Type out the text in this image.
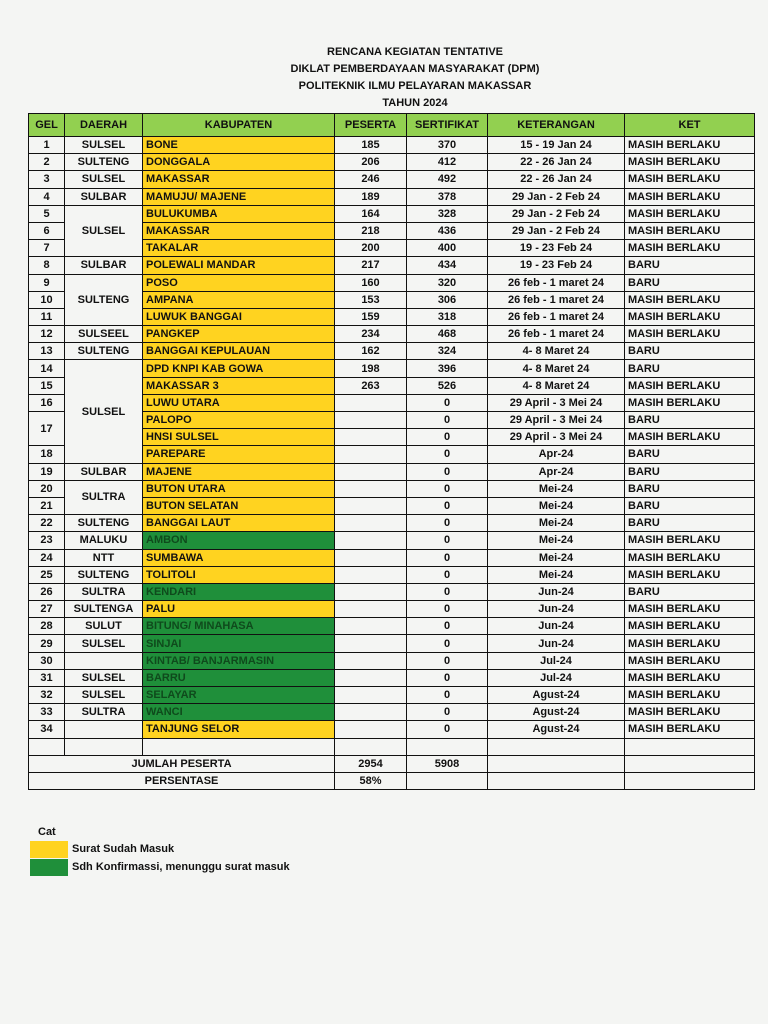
RENCANA KEGIATAN TENTATIVE
DIKLAT PEMBERDAYAAN MASYARAKAT (DPM)
POLITEKNIK ILMU PELAYARAN MAKASSAR
TAHUN 2024
GEL	DAERAH	KABUPATEN	PESERTA	SERTIFIKAT	KETERANGAN	KET
1	SULSEL	BONE	185	370	15 - 19 Jan 24	MASIH BERLAKU
2	SULTENG	DONGGALA	206	412	22 - 26 Jan 24	MASIH BERLAKU
3	SULSEL	MAKASSAR	246	492	22 - 26 Jan 24	MASIH BERLAKU
4	SULBAR	MAMUJU/ MAJENE	189	378	29 Jan - 2 Feb 24	MASIH BERLAKU
5	SULSEL	BULUKUMBA	164	328	29 Jan - 2 Feb 24	MASIH BERLAKU
6		MAKASSAR	218	436	29 Jan - 2 Feb 24	MASIH BERLAKU
7		TAKALAR	200	400	19 - 23 Feb 24	MASIH BERLAKU
8	SULBAR	POLEWALI MANDAR	217	434	19 - 23 Feb 24	BARU
9	SULTENG	POSO	160	320	26 feb - 1 maret 24	BARU
10		AMPANA	153	306	26 feb - 1 maret 24	MASIH BERLAKU
11		LUWUK BANGGAI	159	318	26 feb - 1 maret 24	MASIH BERLAKU
12	SULSEEL	PANGKEP	234	468	26 feb - 1 maret 24	MASIH BERLAKU
13	SULTENG	BANGGAI KEPULAUAN	162	324	4- 8 Maret 24	BARU
14	SULSEL	DPD KNPI KAB GOWA	198	396	4- 8 Maret 24	BARU
15		MAKASSAR 3	263	526	4- 8 Maret 24	MASIH BERLAKU
16		LUWU UTARA		0	29 April - 3 Mei 24	MASIH BERLAKU
17		PALOPO		0	29 April - 3 Mei 24	BARU
		HNSI SULSEL		0	29 April - 3 Mei 24	MASIH BERLAKU
18		PAREPARE		0	Apr-24	BARU
19	SULBAR	MAJENE		0	Apr-24	BARU
20	SULTRA	BUTON UTARA		0	Mei-24	BARU
21		BUTON SELATAN		0	Mei-24	BARU
22	SULTENG	BANGGAI LAUT		0	Mei-24	BARU
23	MALUKU	AMBON		0	Mei-24	MASIH BERLAKU
24	NTT	SUMBAWA		0	Mei-24	MASIH BERLAKU
25	SULTENG	TOLITOLI		0	Mei-24	MASIH BERLAKU
26	SULTRA	KENDARI		0	Jun-24	BARU
27	SULTENGA	PALU		0	Jun-24	MASIH BERLAKU
28	SULUT	BITUNG/ MINAHASA		0	Jun-24	MASIH BERLAKU
29	SULSEL	SINJAI		0	Jun-24	MASIH BERLAKU
30		KINTAB/ BANJARMASIN		0	Jul-24	MASIH BERLAKU
31	SULSEL	BARRU		0	Jul-24	MASIH BERLAKU
32	SULSEL	SELAYAR		0	Agust-24	MASIH BERLAKU
33	SULTRA	WANCI		0	Agust-24	MASIH BERLAKU
34		TANJUNG SELOR		0	Agust-24	MASIH BERLAKU

JUMLAH PESERTA			2954	5908		
PERSENTASE			58%			
Cat
Surat Sudah Masuk
Sdh Konfirmassi, menunggu surat masuk
